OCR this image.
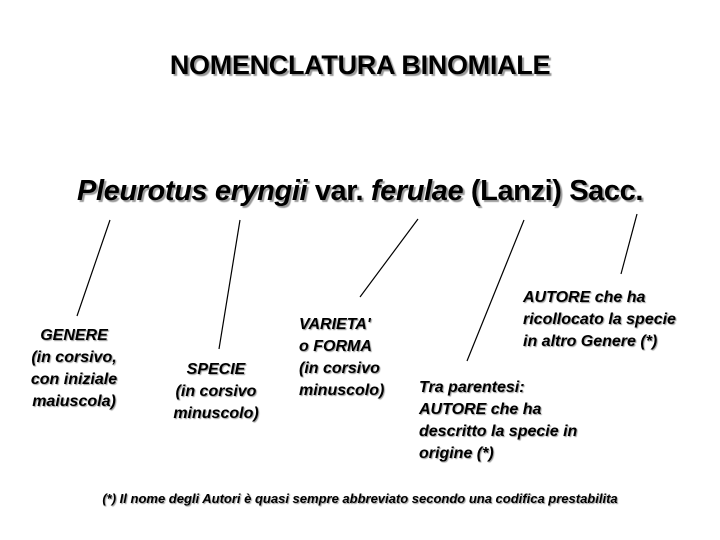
NOMENCLATURA BINOMIALE
Pleurotus eryngii var. ferulae (Lanzi) Sacc.
GENERE
(in corsivo,
con iniziale
maiuscola)
SPECIE
(in corsivo
minuscolo)
VARIETA'
o FORMA
(in corsivo
minuscolo) Tra parentesi:
AUTORE che ha
descritto la specie in
origine (*)
AUTORE che ha
ricollocato la specie
in altro Genere (*)
(*) Il nome degli Autori è quasi sempre abbreviato secondo una codifica prestabilita
